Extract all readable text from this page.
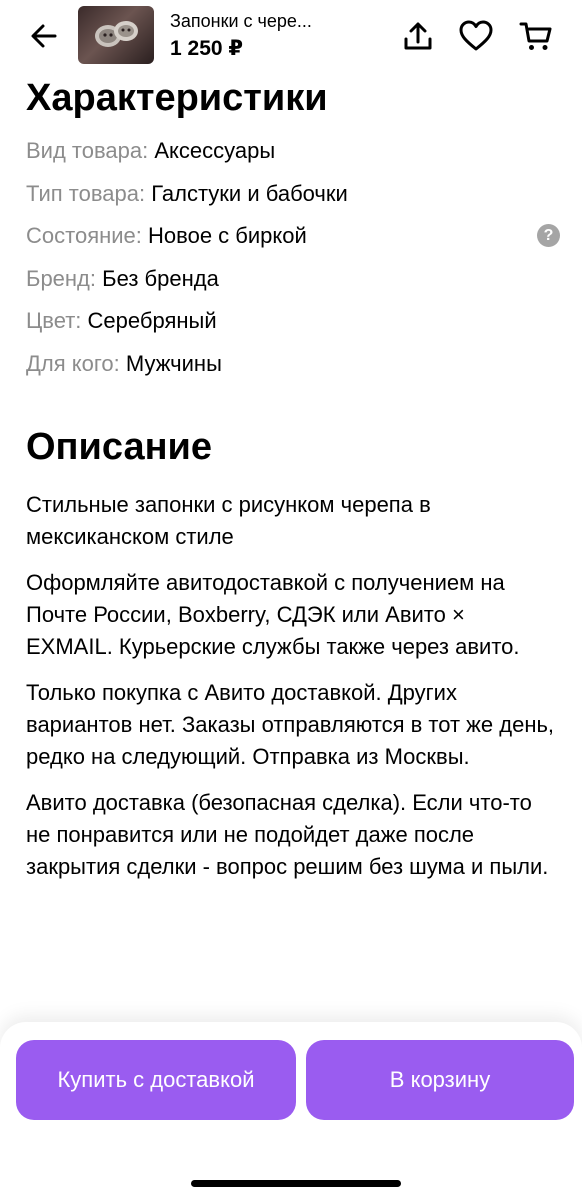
Запонки с чере...
1 250 ₽
Характеристики
Вид товара: Аксессуары
Тип товара: Галстуки и бабочки
Состояние: Новое с биркой	?
Бренд: Без бренда
Цвет: Серебряный
Для кого: Мужчины
Описание

Стильные запонки с рисунком черепа в мексиканском стиле

Оформляйте авитодоставкой с получением на Почте России, Boxberry, СДЭК или Авито × EXMAIL. Курьерские службы также через авито.

Только покупка с Авито доставкой. Других вариантов нет. Заказы отправляются в тот же день, редко на следующий. Отправка из Москвы.

Авито доставка (безопасная сделка). Если что-то не понравится или не подойдет даже после закрытия сделки - вопрос решим без шума и пыли.

Купить с доставкой	В корзину
